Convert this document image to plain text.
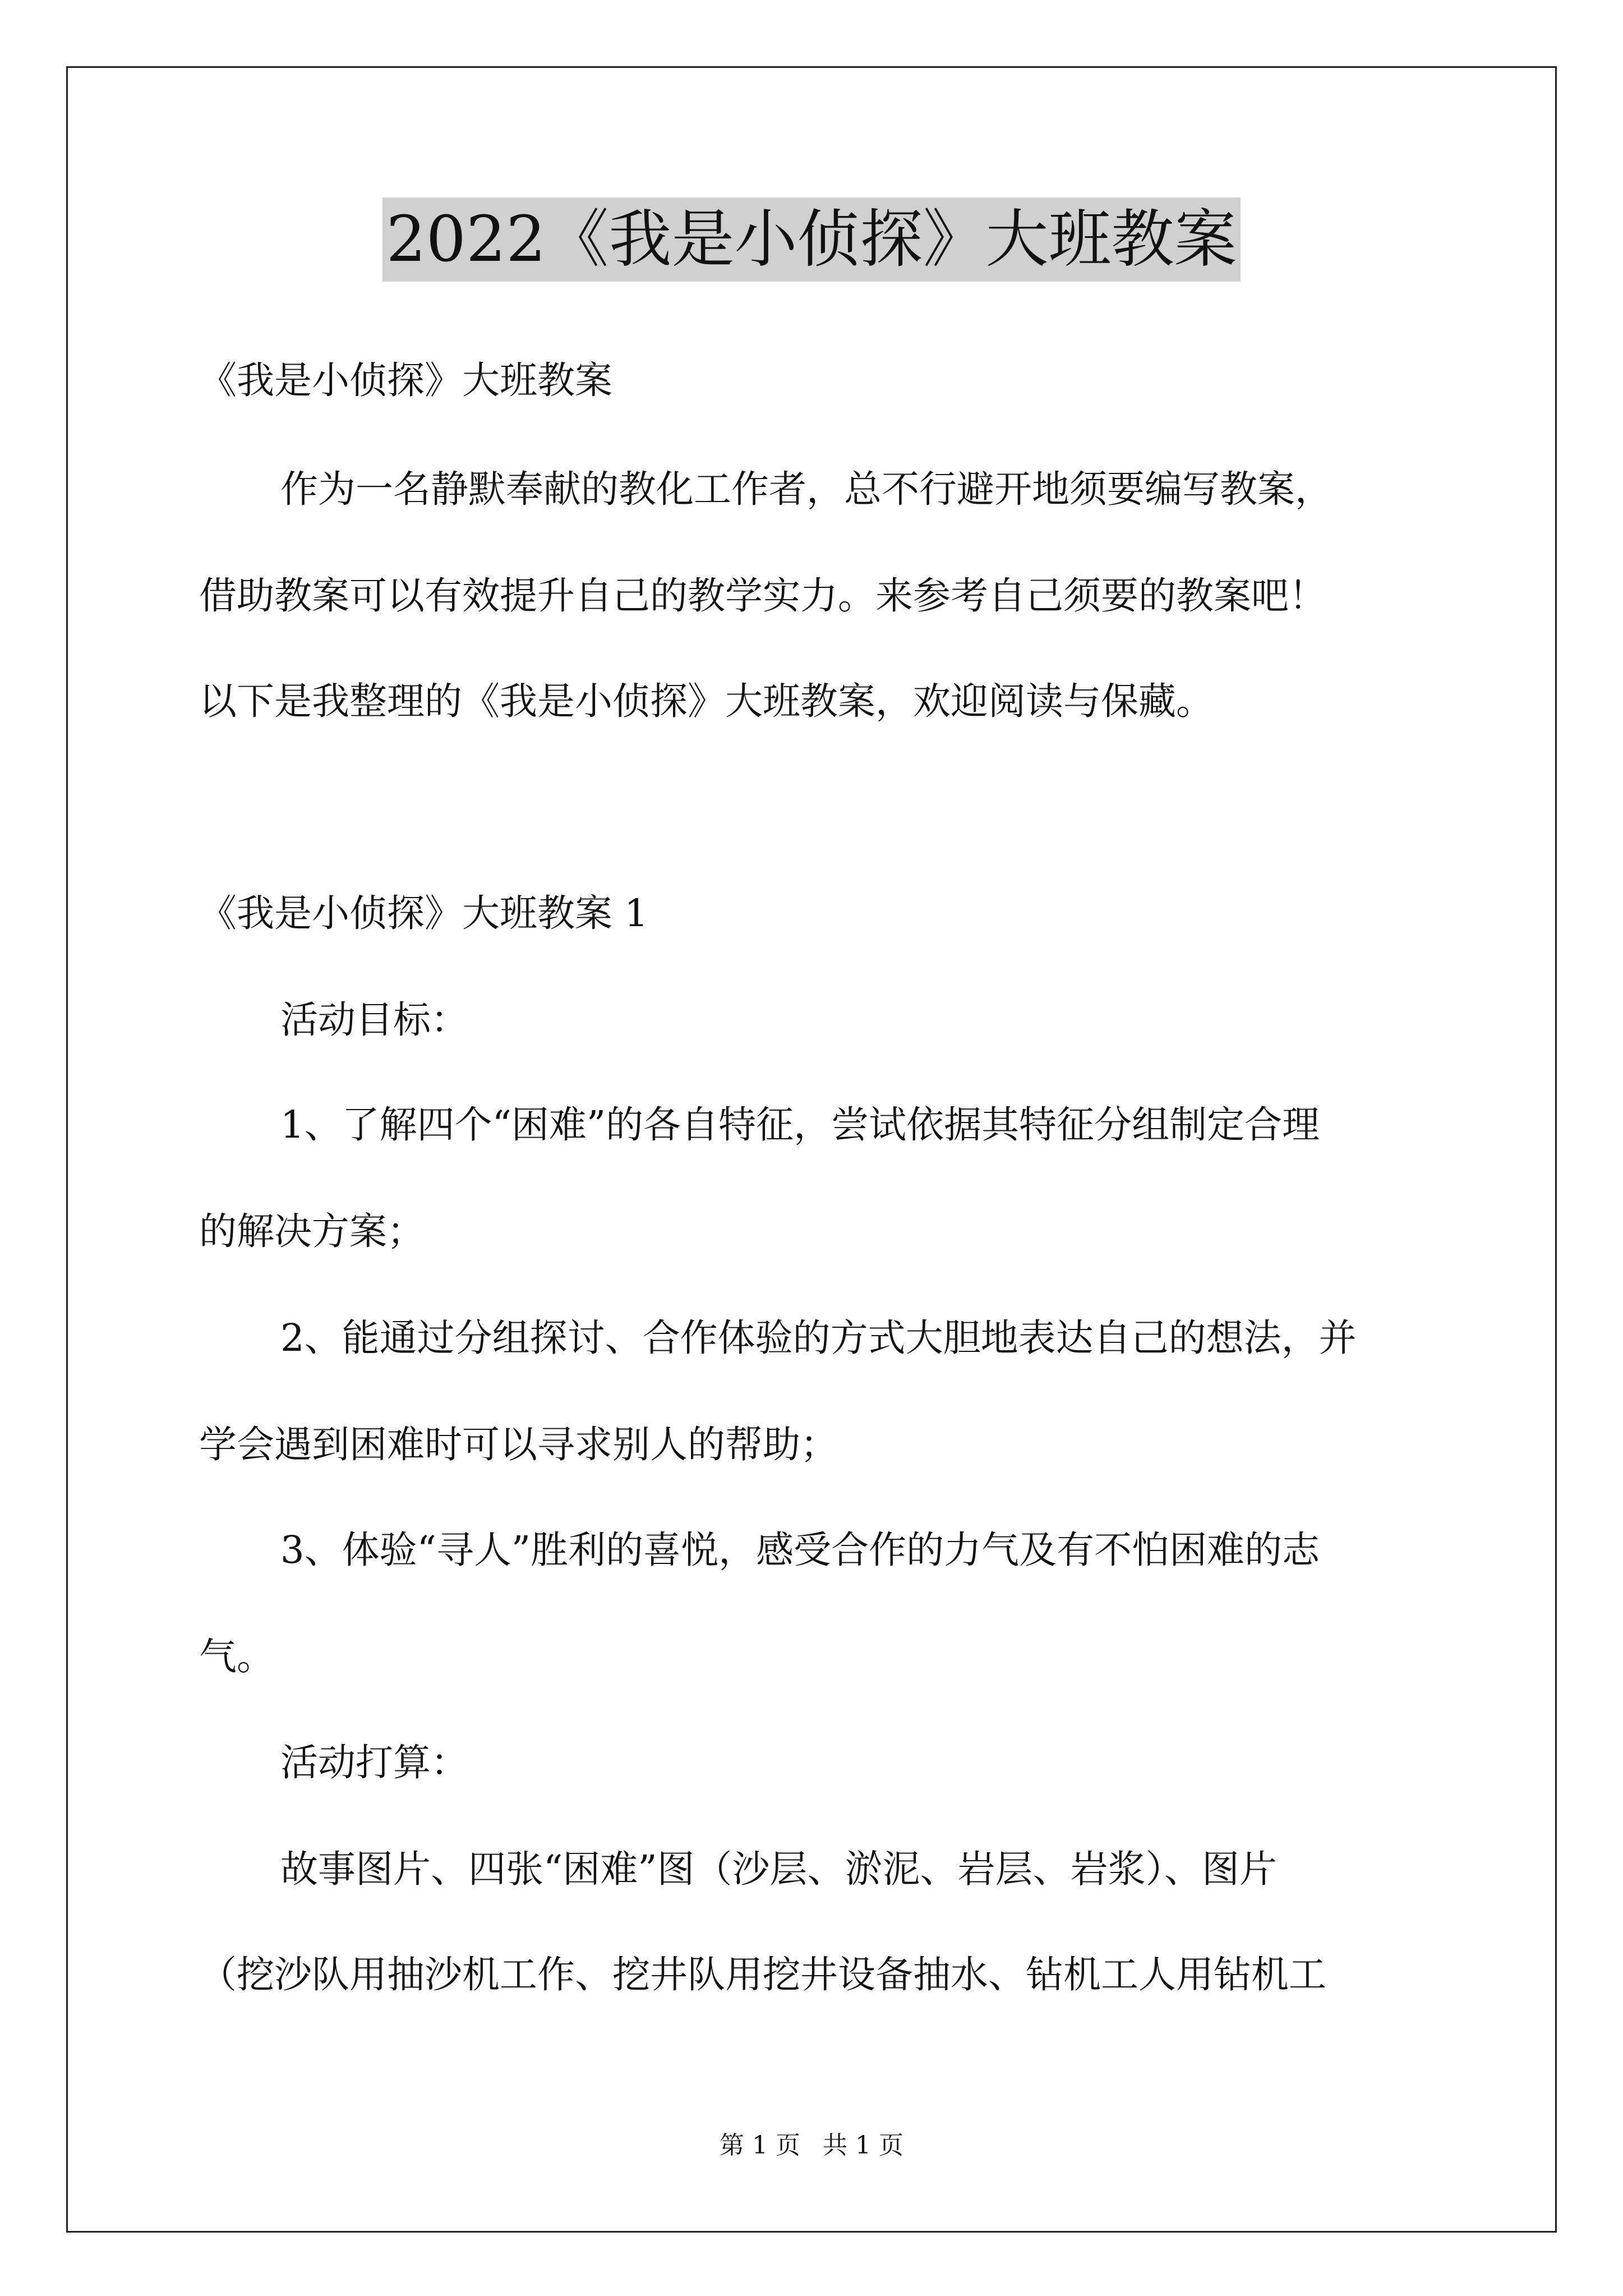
2022《我是小侦探》大班教案
《我是小侦探》大班教案
作为一名静默奉献的教化工作者，总不行避开地须要编写教案，
借助教案可以有效提升自己的教学实力。来参考自己须要的教案吧！
以下是我整理的《我是小侦探》大班教案，欢迎阅读与保藏。
《我是小侦探》大班教案 1
活动目标：
1、了解四个“困难”的各自特征，尝试依据其特征分组制定合理
的解决方案；
2、能通过分组探讨、合作体验的方式大胆地表达自己的想法，并
学会遇到困难时可以寻求别人的帮助；
3、体验“寻人”胜利的喜悦，感受合作的力气及有不怕困难的志
气。
活动打算：
故事图片、四张“困难”图（沙层、淤泥、岩层、岩浆）、图片
（挖沙队用抽沙机工作、挖井队用挖井设备抽水、钻机工人用钻机工
第 1 页 共 1 页
